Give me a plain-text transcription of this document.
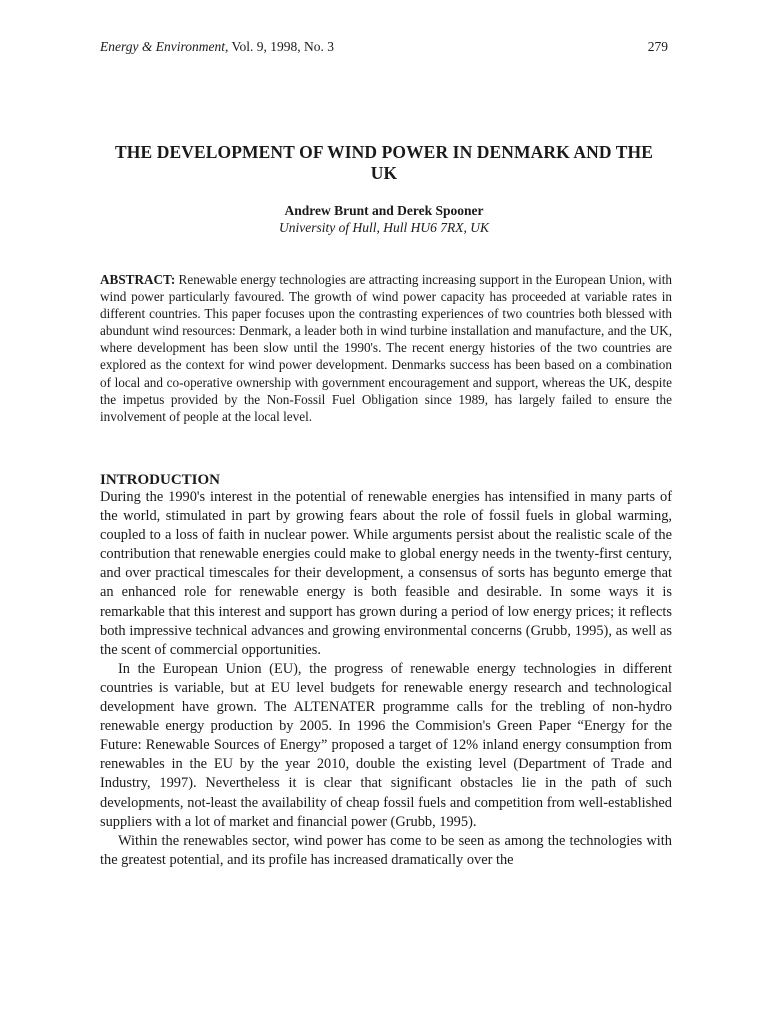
Energy & Environment, Vol. 9, 1998, No. 3	279
THE DEVELOPMENT OF WIND POWER IN DENMARK AND THE UK
Andrew Brunt and Derek Spooner
University of Hull, Hull HU6 7RX, UK

ABSTRACT: Renewable energy technologies are attracting increasing support in the European Union, with wind power particularly favoured. The growth of wind power capacity has proceeded at variable rates in different countries. This paper focuses upon the contrasting experiences of two countries both blessed with abundunt wind resources: Denmark, a leader both in wind turbine installation and manufacture, and the UK, where development has been slow until the 1990's. The recent energy histories of the two countries are explored as the context for wind power development. Denmarks success has been based on a combination of local and co-operative ownership with government encouragement and support, whereas the UK, despite the impetus provided by the Non-Fossil Fuel Obligation since 1989, has largely failed to ensure the involvement of people at the local level.

INTRODUCTION

During the 1990's interest in the potential of renewable energies has intensified in many parts of the world, stimulated in part by growing fears about the role of fossil fuels in global warming, coupled to a loss of faith in nuclear power. While arguments persist about the realistic scale of the contribution that renewable energies could make to global energy needs in the twenty-first century, and over practical timescales for their development, a consensus of sorts has begunto emerge that an enhanced role for renewable energy is both feasible and desirable. In some ways it is remarkable that this interest and support has grown during a period of low energy prices; it reflects both impressive technical advances and growing environmental concerns (Grubb, 1995), as well as the scent of commercial opportunities.

In the European Union (EU), the progress of renewable energy technologies in different countries is variable, but at EU level budgets for renewable energy research and technological development have grown. The ALTENATER programme calls for the trebling of non-hydro renewable energy production by 2005. In 1996 the Commision's Green Paper “Energy for the Future: Renewable Sources of Energy” proposed a target of 12% inland energy consumption from renewables in the EU by the year 2010, double the existing level (Department of Trade and Industry, 1997). Nevertheless it is clear that significant obstacles lie in the path of such developments, not-least the availability of cheap fossil fuels and competition from well-established suppliers with a lot of market and financial power (Grubb, 1995).

Within the renewables sector, wind power has come to be seen as among the technologies with the greatest potential, and its profile has increased dramatically over the
